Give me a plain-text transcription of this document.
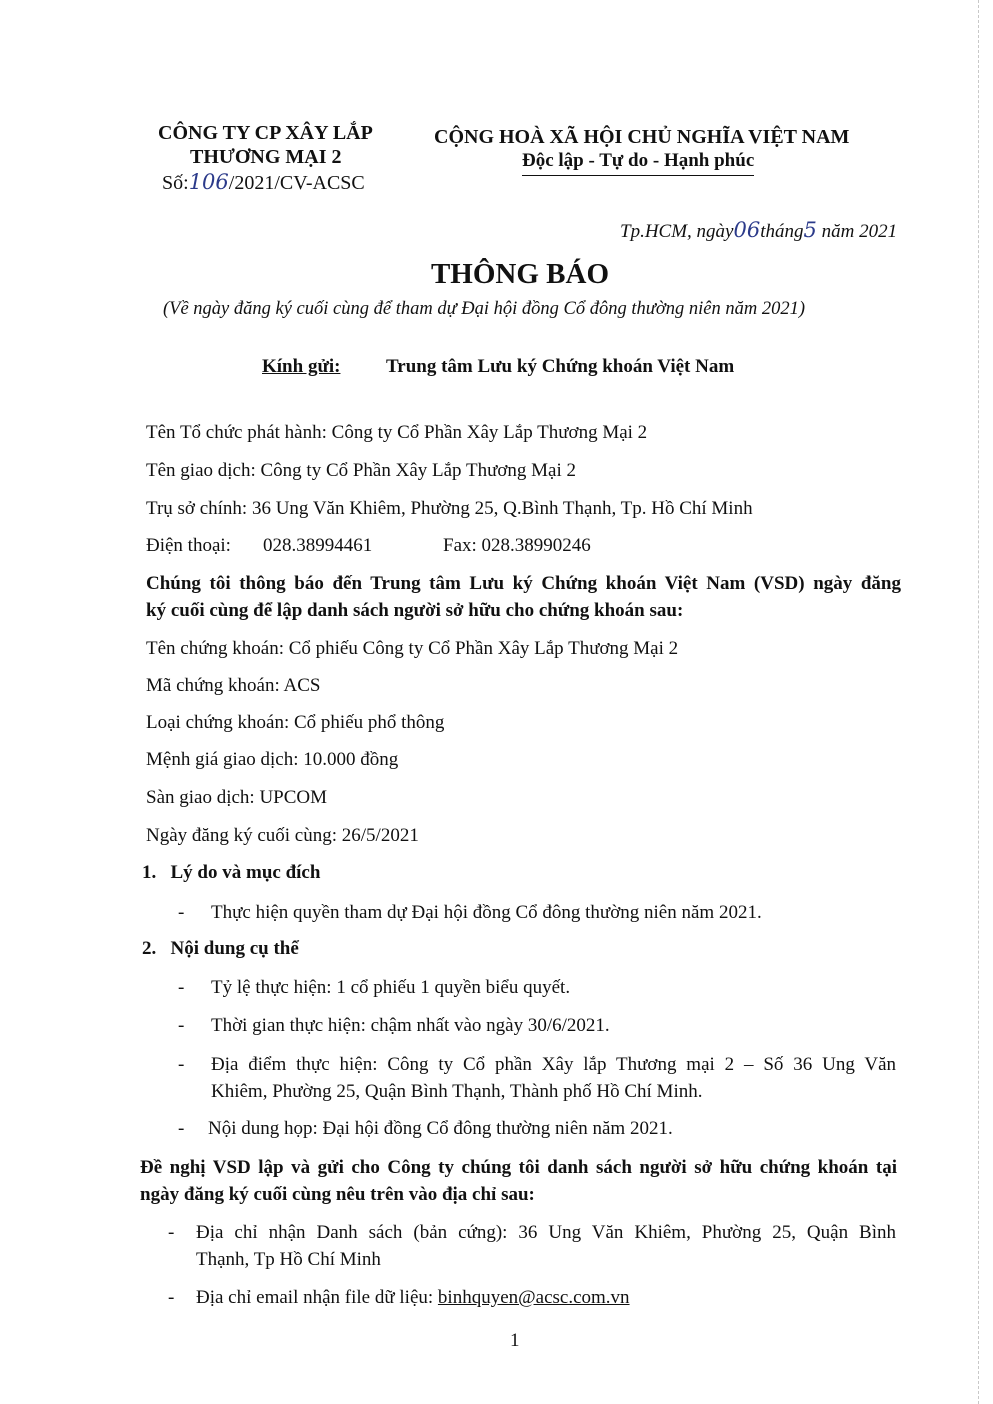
CÔNG TY CP XÂY LẮP
THƯƠNG MẠI 2
Số:106/2021/CV-ACSC
CỘNG HOÀ XÃ HỘI CHỦ NGHĨA VIỆT NAM
Độc lập - Tự do - Hạnh phúc
Tp.HCM, ngày06tháng5 năm 2021
THÔNG BÁO
(Về ngày đăng ký cuối cùng để tham dự Đại hội đồng Cổ đông thường niên năm 2021)
Kính gửi: Trung tâm Lưu ký Chứng khoán Việt Nam
Tên Tổ chức phát hành: Công ty Cổ Phần Xây Lắp Thương Mại 2
Tên giao dịch: Công ty Cổ Phần Xây Lắp Thương Mại 2
Trụ sở chính: 36 Ung Văn Khiêm, Phường 25, Q.Bình Thạnh, Tp. Hồ Chí Minh
Điện thoại: 028.38994461	Fax: 028.38990246
Chúng tôi thông báo đến Trung tâm Lưu ký Chứng khoán Việt Nam (VSD) ngày đăng
ký cuối cùng để lập danh sách người sở hữu cho chứng khoán sau:
Tên chứng khoán: Cổ phiếu Công ty Cổ Phần Xây Lắp Thương Mại 2
Mã chứng khoán: ACS
Loại chứng khoán: Cổ phiếu phổ thông
Mệnh giá giao dịch: 10.000 đồng
Sàn giao dịch: UPCOM
Ngày đăng ký cuối cùng: 26/5/2021
1.   Lý do và mục đích
- Thực hiện quyền tham dự Đại hội đồng Cổ đông thường niên năm 2021.
2.   Nội dung cụ thể
- Tỷ lệ thực hiện: 1 cổ phiếu 1 quyền biểu quyết.
- Thời gian thực hiện: chậm nhất vào ngày 30/6/2021.
- Địa điểm thực hiện: Công ty Cổ phần Xây lắp Thương mại 2 – Số 36 Ung Văn
Khiêm, Phường 25, Quận Bình Thạnh, Thành phố Hồ Chí Minh.
- Nội dung họp: Đại hội đồng Cổ đông thường niên năm 2021.
Đề nghị VSD lập và gửi cho Công ty chúng tôi danh sách người sở hữu chứng khoán tại
ngày đăng ký cuối cùng nêu trên vào địa chỉ sau:
- Địa chỉ nhận Danh sách (bản cứng): 36 Ung Văn Khiêm, Phường 25, Quận Bình
Thạnh, Tp Hồ Chí Minh
- Địa chỉ email nhận file dữ liệu: binhquyen@acsc.com.vn
1
